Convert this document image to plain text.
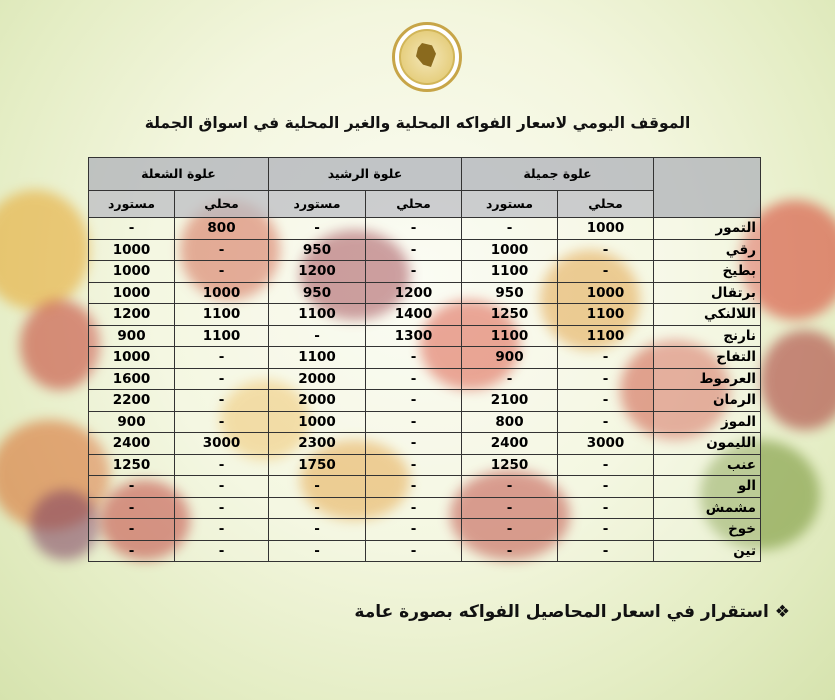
الموقف اليومي لاسعار الفواكه المحلية والغير المحلية في اسواق الجملة
	علوة جميلة		علوة الرشيد		علوة الشعلة	
	محلي	مستورد	محلي	مستورد	محلي	مستورد
التمور	1000	-	-	-	800	-
رقي	-	1000	-	950	-	1000
بطيخ	-	1100	-	1200	-	1000
برتقال	1000	950	1200	950	1000	1000
اللالنكي	1100	1250	1400	1100	1100	1200
نارنج	1100	1100	1300	-	1100	900
التفاح	-	900	-	1100	-	1000
العرموط	-	-	-	2000	-	1600
الرمان	-	2100	-	2000	-	2200
الموز	-	800	-	1000	-	900
الليمون	3000	2400	-	2300	3000	2400
عنب	-	1250	-	1750	-	1250
الو	-	-	-	-	-	-
مشمش	-	-	-	-	-	-
خوخ	-	-	-	-	-	-
تين	-	-	-	-	-	-
❖ استقرار في اسعار المحاصيل الفواكه بصورة عامة
